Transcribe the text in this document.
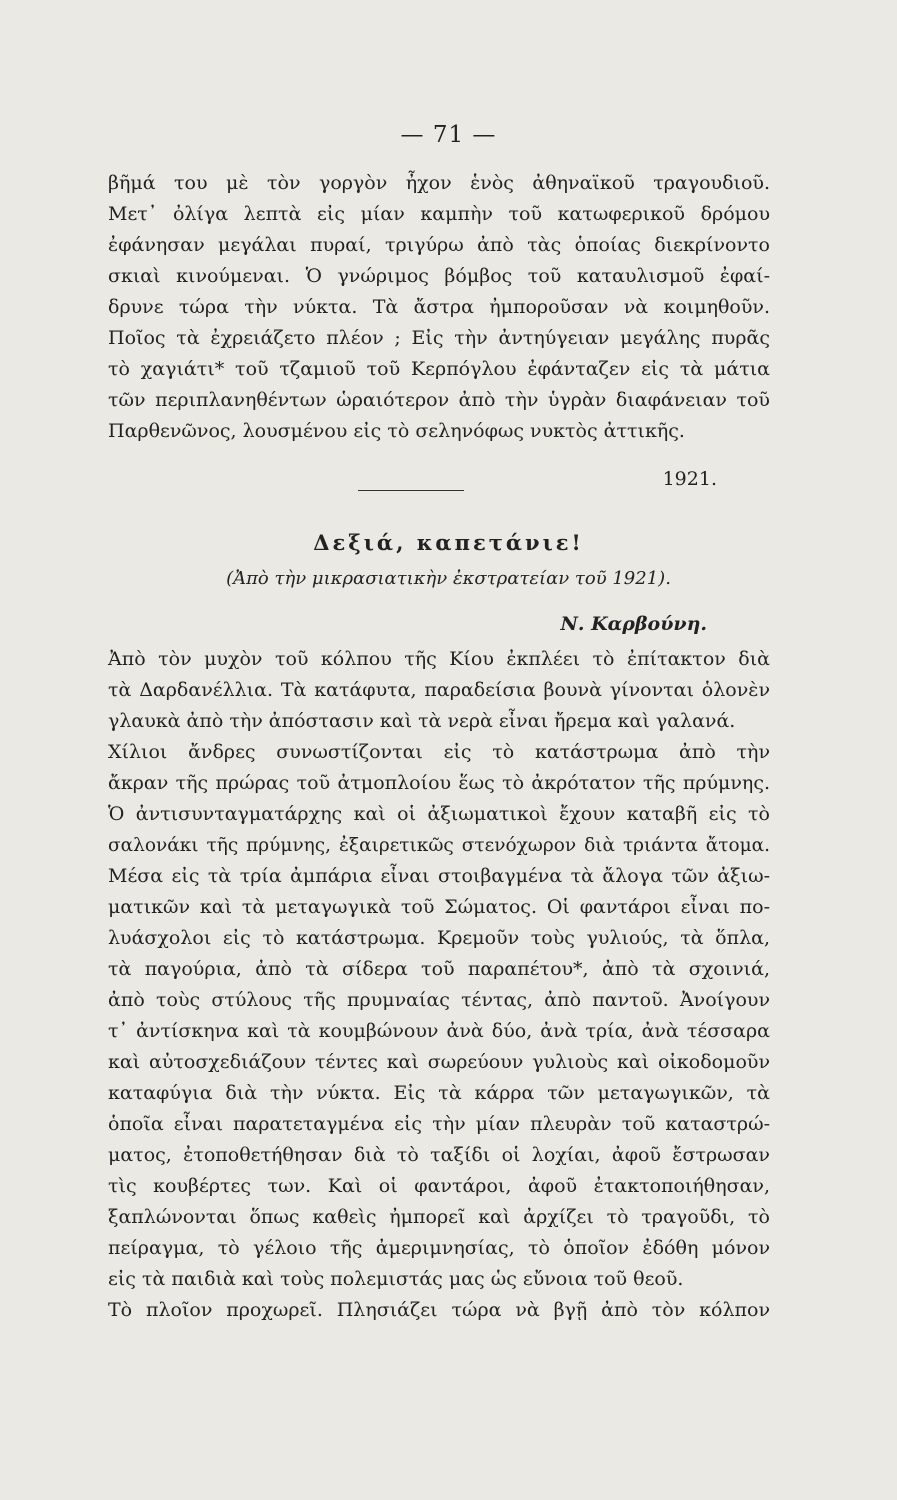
— 71 —
βῆμά του μὲ τὸν γοργὸν ἦχον ἑνὸς ἀθηναϊκοῦ τραγουδιοῦ.
Μετ᾿ ὀλίγα λεπτὰ εἰς μίαν καμπὴν τοῦ κατωφερικοῦ δρόμου
ἐφάνησαν μεγάλαι πυραί, τριγύρω ἀπὸ τὰς ὁποίας διεκρίνοντο
σκιαὶ κινούμεναι. Ὁ γνώριμος βόμβος τοῦ καταυλισμοῦ ἐφαί-
δρυνε τώρα τὴν νύκτα. Τὰ ἄστρα ἠμποροῦσαν νὰ κοιμηθοῦν.
Ποῖος τὰ ἐχρειάζετο πλέον ; Εἰς τὴν ἀντηύγειαν μεγάλης πυρᾶς
τὸ χαγιάτι* τοῦ τζαμιοῦ τοῦ Κερπόγλου ἐφάνταζεν εἰς τὰ μάτια
τῶν περιπλανηθέντων ὡραιότερον ἀπὸ τὴν ὑγρὰν διαφάνειαν τοῦ
Παρθενῶνος, λουσμένου εἰς τὸ σεληνόφως νυκτὸς ἀττικῆς.
1921.
Δεξιά, καπετάνιε!
(Ἀπὸ τὴν μικρασιατικὴν ἐκστρατείαν τοῦ 1921).
Ν. Καρβούνη.
Ἀπὸ τὸν μυχὸν τοῦ κόλπου τῆς Κίου ἐκπλέει τὸ ἐπίτακτον διὰ
τὰ Δαρδανέλλια. Τὰ κατάφυτα, παραδείσια βουνὰ γίνονται ὁλονὲν
γλαυκὰ ἀπὸ τὴν ἀπόστασιν καὶ τὰ νερὰ εἶναι ἤρεμα καὶ γαλανά.
Χίλιοι ἄνδρες συνωστίζονται εἰς τὸ κατάστρωμα ἀπὸ τὴν
ἄκραν τῆς πρώρας τοῦ ἀτμοπλοίου ἕως τὸ ἀκρότατον τῆς πρύμνης.
Ὁ ἀντισυνταγματάρχης καὶ οἱ ἀξιωματικοὶ ἔχουν καταβῆ εἰς τὸ
σαλονάκι τῆς πρύμνης, ἐξαιρετικῶς στενόχωρον διὰ τριάντα ἄτομα.
Μέσα εἰς τὰ τρία ἀμπάρια εἶναι στοιβαγμένα τὰ ἄλογα τῶν ἀξιω-
ματικῶν καὶ τὰ μεταγωγικὰ τοῦ Σώματος. Οἱ φαντάροι εἶναι πο-
λυάσχολοι εἰς τὸ κατάστρωμα. Κρεμοῦν τοὺς γυλιούς, τὰ ὅπλα,
τὰ παγούρια, ἀπὸ τὰ σίδερα τοῦ παραπέτου*, ἀπὸ τὰ σχοινιά,
ἀπὸ τοὺς στύλους τῆς πρυμναίας τέντας, ἀπὸ παντοῦ. Ἀνοίγουν
τ᾿ ἀντίσκηνα καὶ τὰ κουμβώνουν ἀνὰ δύο, ἀνὰ τρία, ἀνὰ τέσσαρα
καὶ αὐτοσχεδιάζουν τέντες καὶ σωρεύουν γυλιοὺς καὶ οἰκοδομοῦν
καταφύγια διὰ τὴν νύκτα. Εἰς τὰ κάρρα τῶν μεταγωγικῶν, τὰ
ὁποῖα εἶναι παρατεταγμένα εἰς τὴν μίαν πλευρὰν τοῦ καταστρώ-
ματος, ἐτοποθετήθησαν διὰ τὸ ταξίδι οἱ λοχίαι, ἀφοῦ ἔστρωσαν
τὶς κουβέρτες των. Καὶ οἱ φαντάροι, ἀφοῦ ἐτακτοποιήθησαν,
ξαπλώνονται ὅπως καθεὶς ἠμπορεῖ καὶ ἀρχίζει τὸ τραγοῦδι, τὸ
πείραγμα, τὸ γέλοιο τῆς ἀμεριμνησίας, τὸ ὁποῖον ἐδόθη μόνον
εἰς τὰ παιδιὰ καὶ τοὺς πολεμιστάς μας ὡς εὔνοια τοῦ θεοῦ.
Τὸ πλοῖον προχωρεῖ. Πλησιάζει τώρα νὰ βγῇ ἀπὸ τὸν κόλπον
